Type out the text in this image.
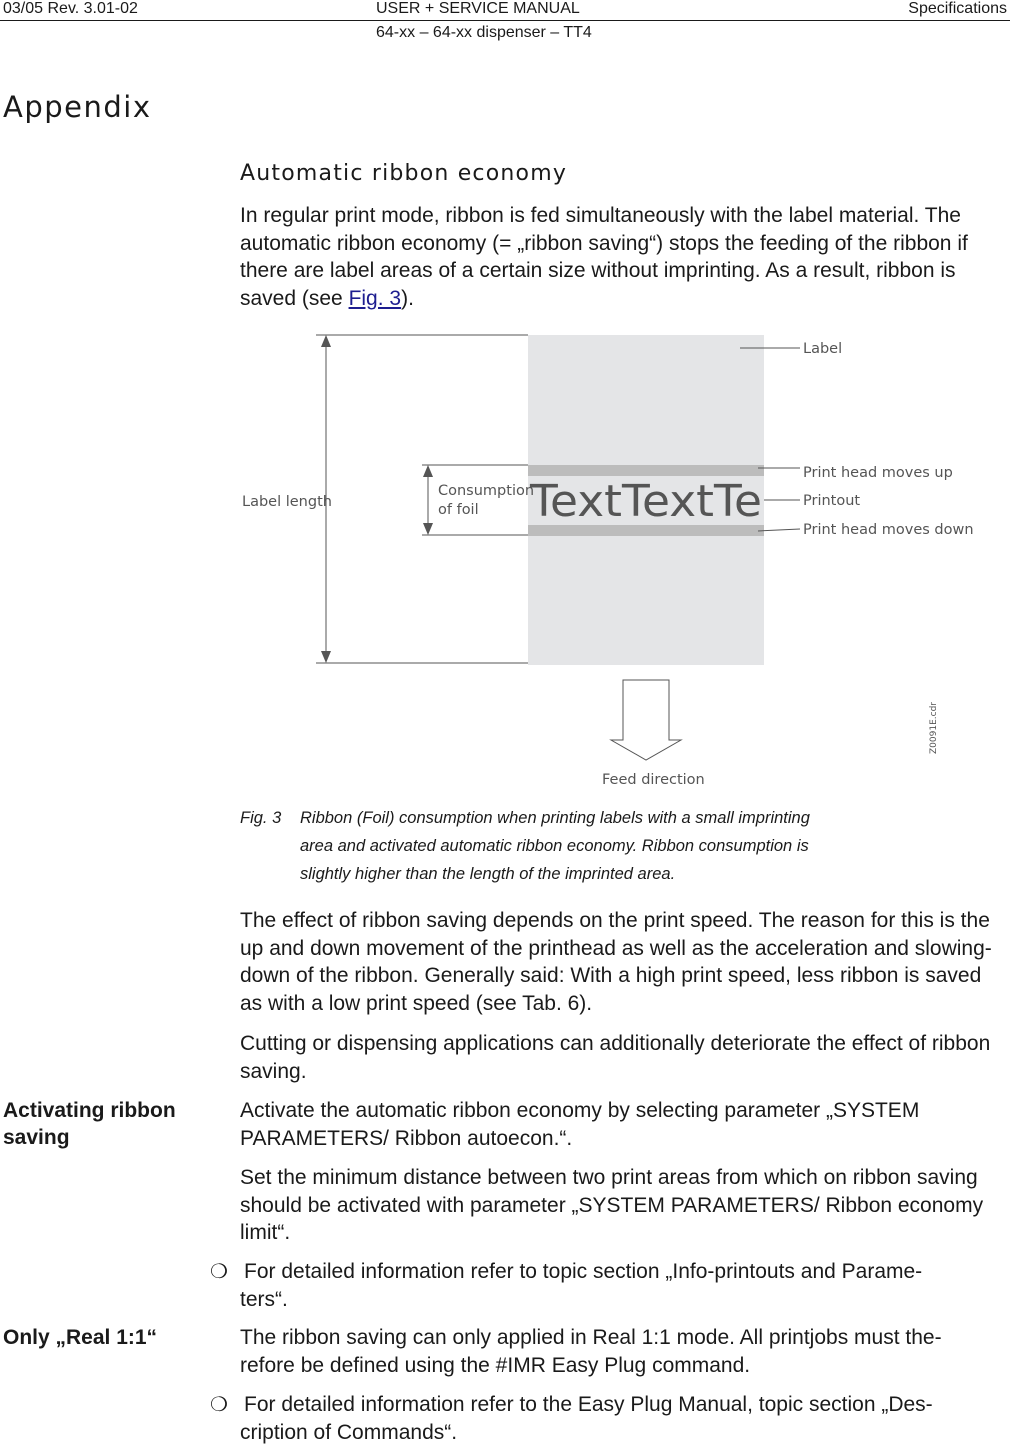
03/05 Rev. 3.01-02	USER + SERVICE MANUAL	Specifications
64-xx – 64-xx dispenser – TT4
Appendix
Automatic ribbon economy
In regular print mode, ribbon is fed simultaneously with the label material. The automatic ribbon economy (= „ribbon saving“) stops the feeding of the ribbon if there are label areas of a certain size without imprinting. As a result, ribbon is saved (see Fig. 3).
TextTextTe
Label length
Consumption
of foil
Label
Print head moves up
Printout
Print head moves down
Feed direction
Z0091E.cdr
Fig. 3 Ribbon (Foil) consumption when printing labels with a small imprinting
area and activated automatic ribbon economy. Ribbon consumption is
slightly higher than the length of the imprinted area.
The effect of ribbon saving depends on the print speed. The reason for this is the up and down movement of the printhead as well as the acceleration and slowing-down of the ribbon. Generally said: With a high print speed, less ribbon is saved as with a low print speed (see Tab. 6).
Cutting or dispensing applications can additionally deteriorate the effect of ribbon saving.
Activating ribbon
saving
Activate the automatic ribbon economy by selecting parameter „SYSTEM PARAMETERS/ Ribbon autoecon.“.
Set the minimum distance between two print areas from which on ribbon saving should be activated with parameter „SYSTEM PARAMETERS/ Ribbon economy limit“.
❍ For detailed information refer to topic section „Info-printouts and Parame-
ters“.
Only „Real 1:1“	The ribbon saving can only applied in Real 1:1 mode. All printjobs must the-
refore be defined using the #IMR Easy Plug command.
❍ For detailed information refer to the Easy Plug Manual, topic section „Des-
cription of Commands“.
